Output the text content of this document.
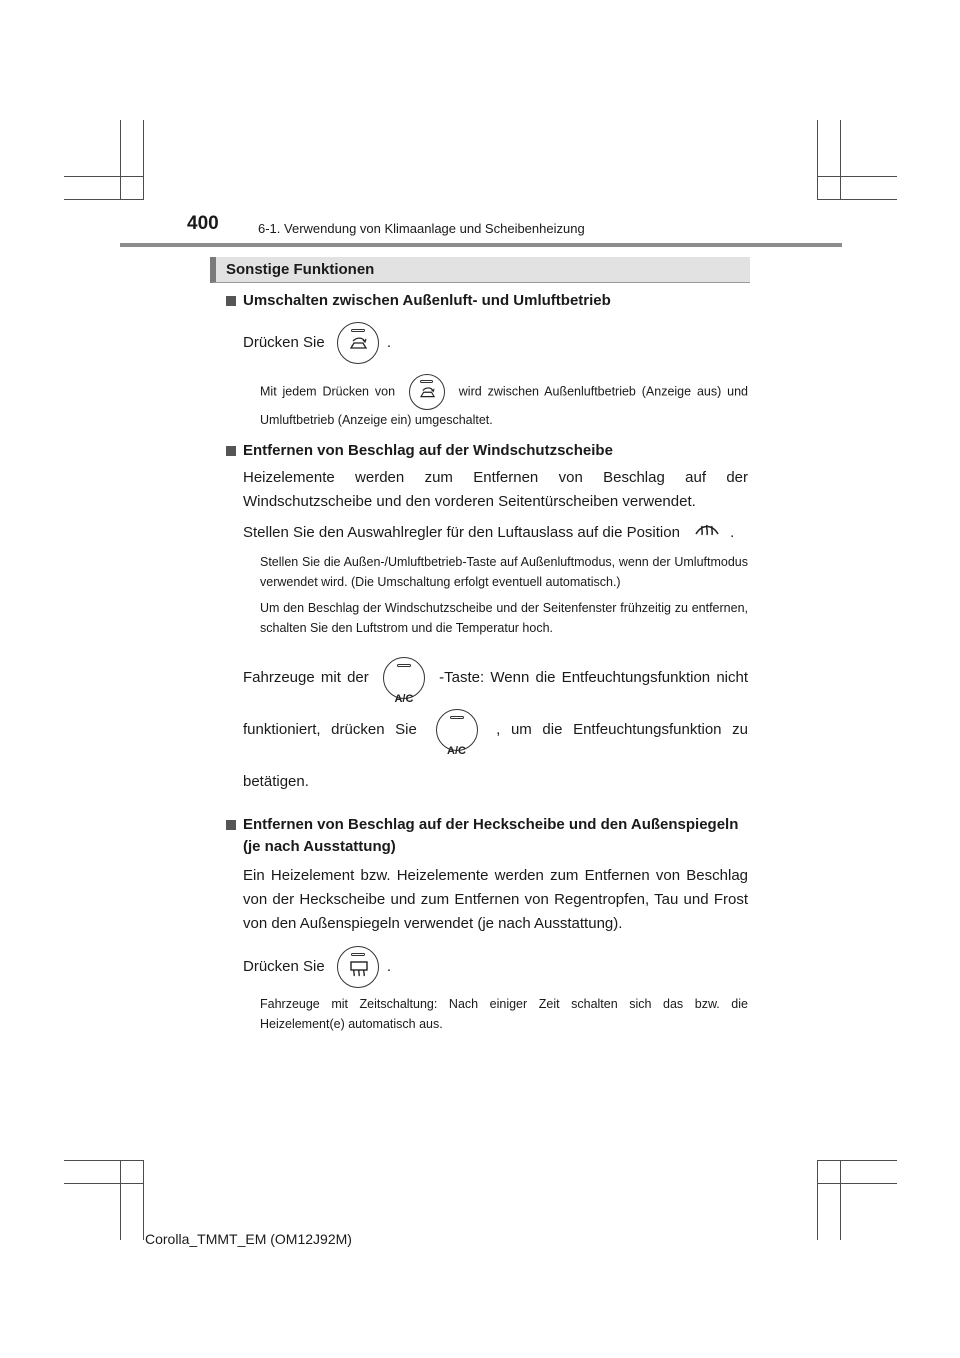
400	6-1. Verwendung von Klimaanlage und Scheibenheizung
Sonstige Funktionen
Umschalten zwischen Außenluft- und Umluftbetrieb
Drücken Sie	.
Mit jedem Drücken von	wird zwischen Außenluftbetrieb (Anzeige aus) und Umluftbetrieb (Anzeige ein) umgeschaltet.
Entfernen von Beschlag auf der Windschutzscheibe
Heizelemente werden zum Entfernen von Beschlag auf der Windschutzscheibe und den vorderen Seitentürscheiben verwendet.
Stellen Sie den Auswahlregler für den Luftauslass auf die Position	.
Stellen Sie die Außen-/Umluftbetrieb-Taste auf Außenluftmodus, wenn der Umluftmodus verwendet wird. (Die Umschaltung erfolgt eventuell automatisch.)
Um den Beschlag der Windschutzscheibe und der Seitenfenster frühzeitig zu entfernen, schalten Sie den Luftstrom und die Temperatur hoch.
Fahrzeuge mit der
A/C
-Taste: Wenn die Entfeuchtungsfunktion nicht funktioniert, drücken Sie
A/C
, um die Entfeuchtungsfunktion zu betätigen.
Entfernen von Beschlag auf der Heckscheibe und den Außenspiegeln (je nach Ausstattung)
Ein Heizelement bzw. Heizelemente werden zum Entfernen von Beschlag von der Heckscheibe und zum Entfernen von Regentropfen, Tau und Frost von den Außenspiegeln verwendet (je nach Ausstattung).
Drücken Sie	.
Fahrzeuge mit Zeitschaltung: Nach einiger Zeit schalten sich das bzw. die Heizelement(e) automatisch aus.
Corolla_TMMT_EM (OM12J92M)
